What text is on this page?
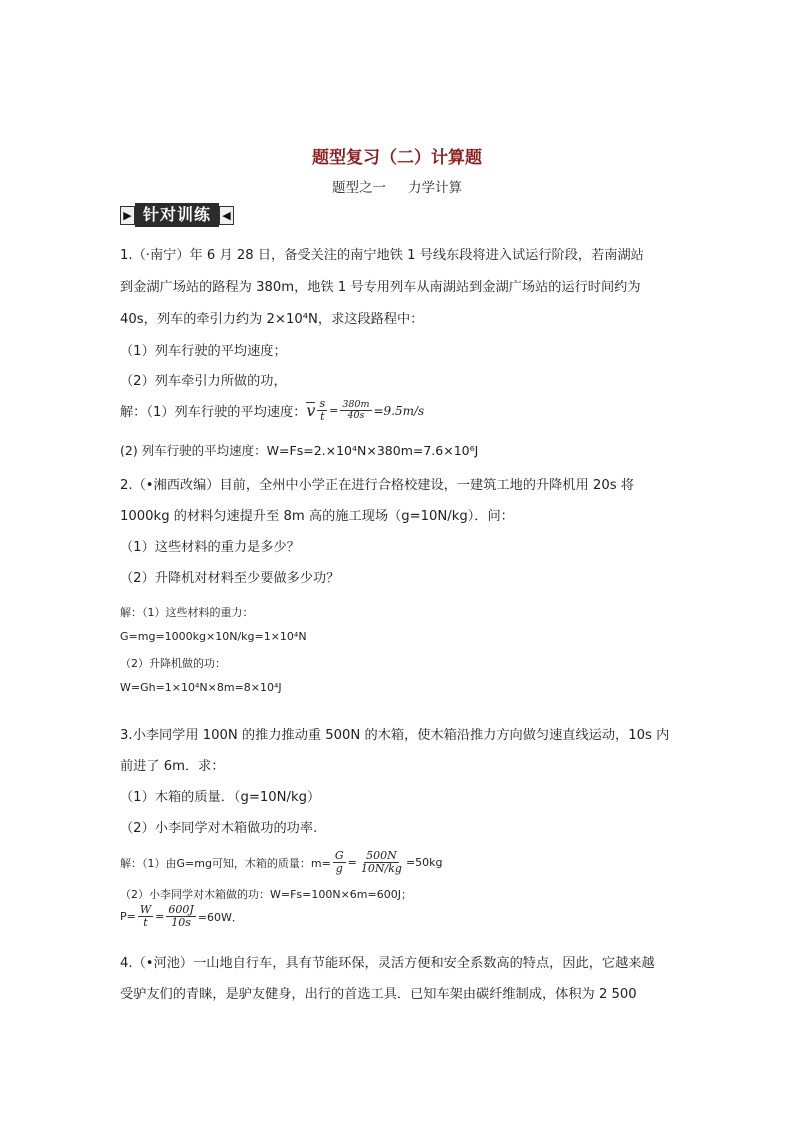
题型复习（二）计算题
题型之一 力学计算
▶ 针对训练	◀
1.（·南宁）年 6 月 28 日，备受关注的南宁地铁 1 号线东段将进入试运行阶段，若南湖站
到金湖广场站的路程为 380m，地铁 1 号专用列车从南湖站到金湖广场站的运行时间约为
40s，列车的牵引力约为 2×10⁴N，求这段路程中：
（1）列车行驶的平均速度；
（2）列车牵引力所做的功，
解：（1）列车行驶的平均速度： v $\frac{s}{t} = \frac{380m}{40s} =9.5m/s$
(2) 列车行驶的平均速度：W=Fs=2.×10⁴N×380m=7.6×10⁶J
2.（•湘西改编）目前，全州中小学正在进行合格校建设，一建筑工地的升降机用 20s 将
1000kg 的材料匀速提升至 8m 高的施工现场（g=10N/kg）．问：
（1）这些材料的重力是多少？
（2）升降机对材料至少要做多少功？
解：（1）这些材料的重力：
G=mg=1000kg×10N/kg=1×10⁴N
（2）升降机做的功：
W=Gh=1×10⁴N×8m=8×10⁴J
3.小李同学用 100N 的推力推动重 500N 的木箱，使木箱沿推力方向做匀速直线运动，10s 内
前进了 6m．求：
（1）木箱的质量．（g=10N/kg）
（2）小李同学对木箱做功的功率.
解：（1）由G=mg可知，木箱的质量：$m= \frac{G}{g} = \frac{500N}{10N/kg} =50kg$
（2）小李同学对木箱做的功：W=Fs=100N×6m=600J；
$P= \frac{W}{t} = \frac{600J}{10s} =60W$．
4.（•河池）一山地自行车，具有节能环保，灵活方便和安全系数高的特点，因此，它越来越
受驴友们的青睐，是驴友健身，出行的首选工具．已知车架由碳纤维制成，体积为 2 500
